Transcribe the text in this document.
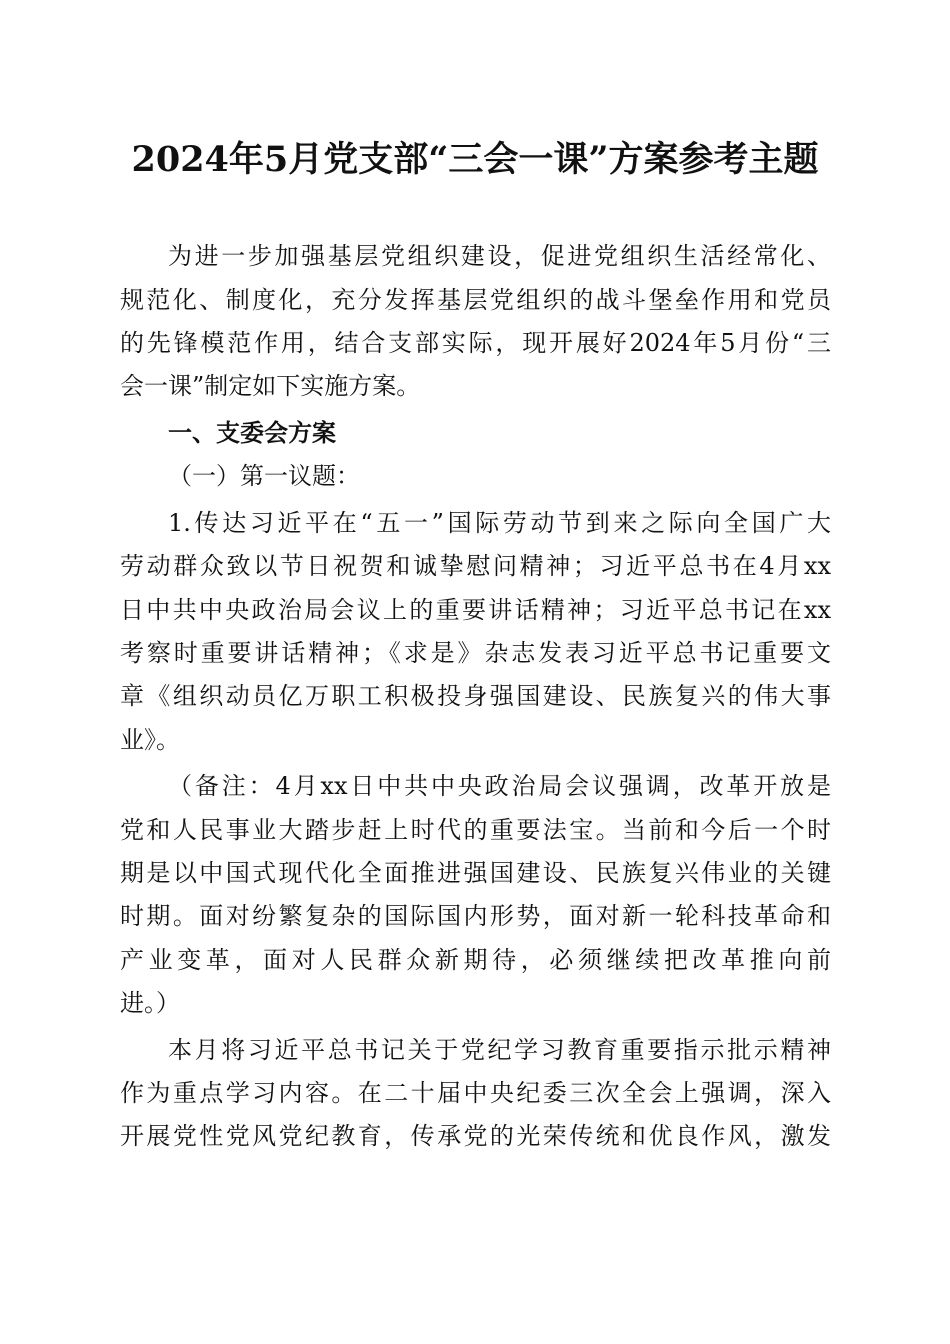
2024年5月党支部“三会一课”方案参考主题
为进一步加强基层党组织建设，促进党组织生活经常化、
规范化、制度化，充分发挥基层党组织的战斗堡垒作用和党员
的先锋模范作用，结合支部实际，现开展好2024年5月份“三
会一课”制定如下实施方案。
一、支委会方案
（一）第一议题：
1.传达习近平在“五一”国际劳动节到来之际向全国广大
劳动群众致以节日祝贺和诚挚慰问精神；习近平总书在4月xx
日中共中央政治局会议上的重要讲话精神；习近平总书记在xx
考察时重要讲话精神；《求是》杂志发表习近平总书记重要文
章《组织动员亿万职工积极投身强国建设、民族复兴的伟大事
业》。
（备注：4月xx日中共中央政治局会议强调，改革开放是
党和人民事业大踏步赶上时代的重要法宝。当前和今后一个时
期是以中国式现代化全面推进强国建设、民族复兴伟业的关键
时期。面对纷繁复杂的国际国内形势，面对新一轮科技革命和
产业变革，面对人民群众新期待，必须继续把改革推向前
进。）
本月将习近平总书记关于党纪学习教育重要指示批示精神
作为重点学习内容。在二十届中央纪委三次全会上强调，深入
开展党性党风党纪教育，传承党的光荣传统和优良作风，激发
